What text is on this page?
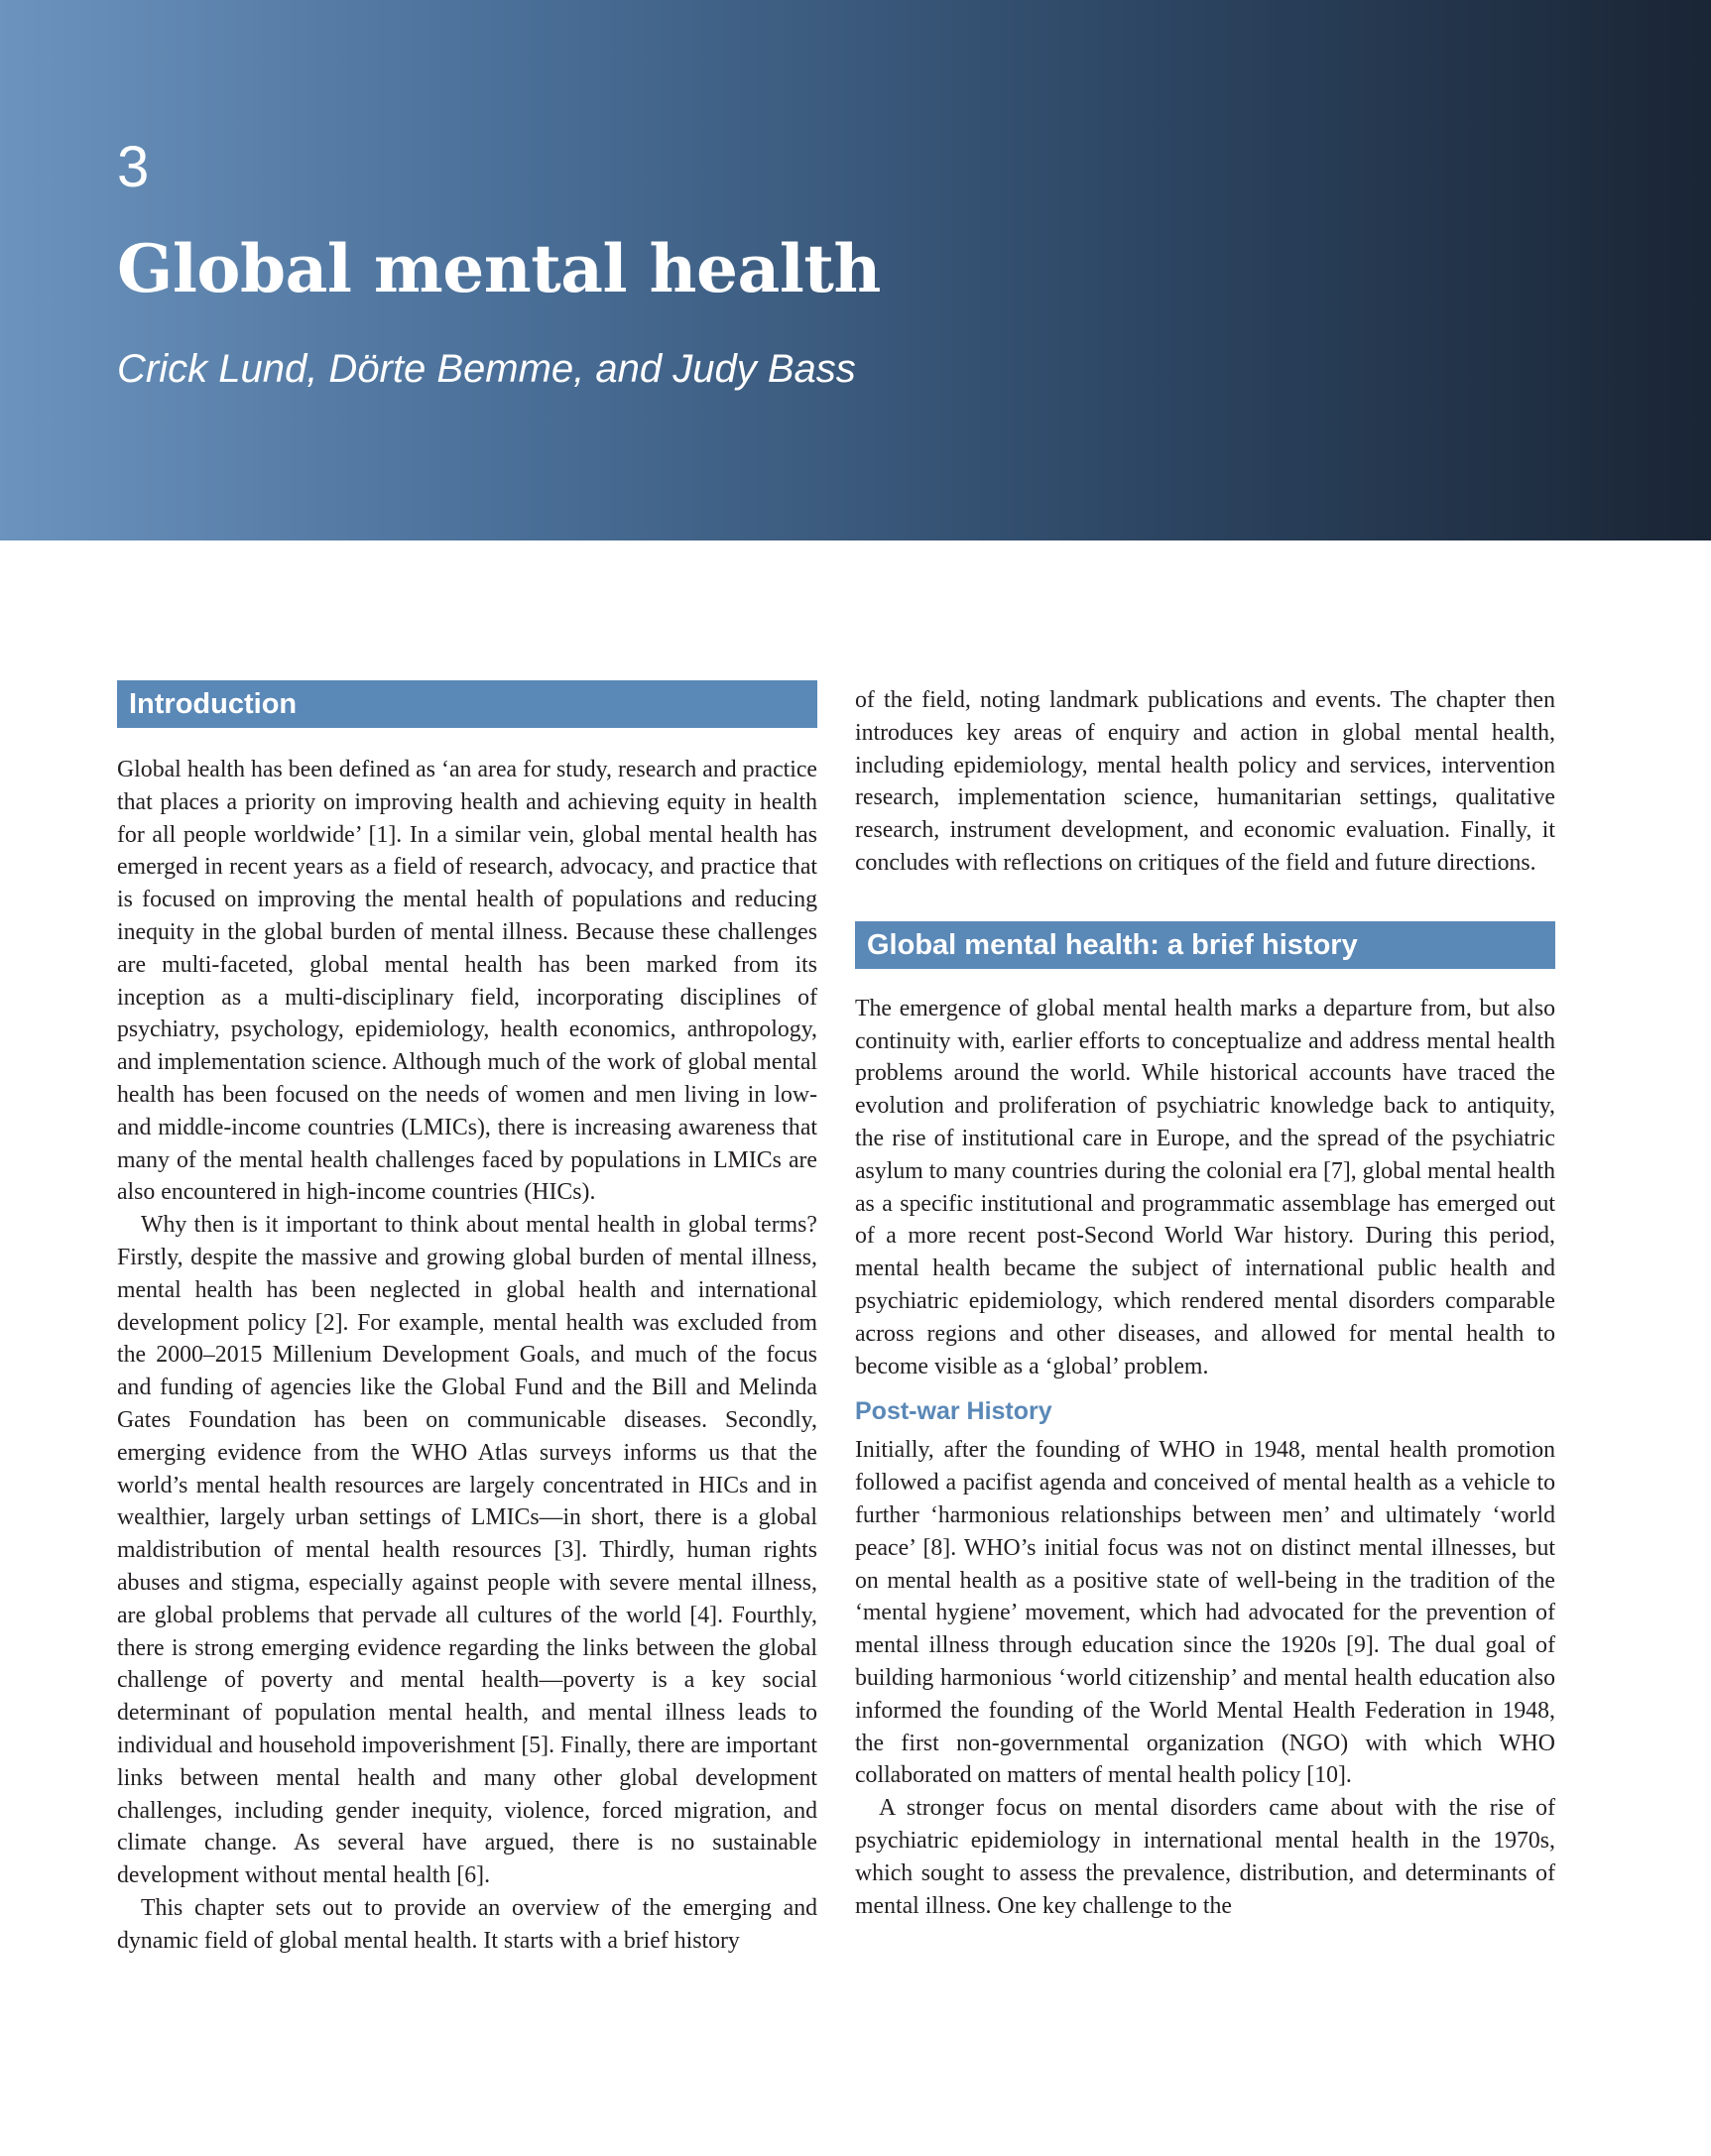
3
Global mental health
Crick Lund, Dörte Bemme, and Judy Bass
Introduction

Global health has been defined as ‘an area for study, research and practice that places a priority on improving health and achieving equity in health for all people worldwide’ [1]. In a similar vein, global mental health has emerged in recent years as a field of research, advocacy, and practice that is focused on improving the mental health of populations and reducing inequity in the global burden of mental illness. Because these challenges are multi-faceted, global mental health has been marked from its inception as a multi-disciplinary field, incorporating disciplines of psychiatry, psychology, epidemiology, health economics, anthropology, and implementation science. Although much of the work of global mental health has been focused on the needs of women and men living in low- and middle-income countries (LMICs), there is increasing awareness that many of the mental health challenges faced by populations in LMICs are also encountered in high-income countries (HICs).

Why then is it important to think about mental health in global terms? Firstly, despite the massive and growing global burden of mental illness, mental health has been neglected in global health and international development policy [2]. For example, mental health was excluded from the 2000–2015 Millenium Development Goals, and much of the focus and funding of agencies like the Global Fund and the Bill and Melinda Gates Foundation has been on communicable diseases. Secondly, emerging evidence from the WHO Atlas surveys informs us that the world’s mental health resources are largely concentrated in HICs and in wealthier, largely urban settings of LMICs—in short, there is a global maldistribution of mental health resources [3]. Thirdly, human rights abuses and stigma, especially against people with severe mental illness, are global problems that pervade all cultures of the world [4]. Fourthly, there is strong emerging evidence regarding the links between the global challenge of poverty and mental health—poverty is a key social determinant of population mental health, and mental illness leads to individual and household impoverishment [5]. Finally, there are important links between mental health and many other global development challenges, including gender inequity, violence, forced migration, and climate change. As several have argued, there is no sustainable development without mental health [6].

This chapter sets out to provide an overview of the emerging and dynamic field of global mental health. It starts with a brief history

of the field, noting landmark publications and events. The chapter then introduces key areas of enquiry and action in global mental health, including epidemiology, mental health policy and services, intervention research, implementation science, humanitarian settings, qualitative research, instrument development, and economic evaluation. Finally, it concludes with reflections on critiques of the field and future directions.

Global mental health: a brief history

The emergence of global mental health marks a departure from, but also continuity with, earlier efforts to conceptualize and address mental health problems around the world. While historical accounts have traced the evolution and proliferation of psychiatric knowledge back to antiquity, the rise of institutional care in Europe, and the spread of the psychiatric asylum to many countries during the colonial era [7], global mental health as a specific institutional and programmatic assemblage has emerged out of a more recent post-Second World War history. During this period, mental health became the subject of international public health and psychiatric epidemiology, which rendered mental disorders comparable across regions and other diseases, and allowed for mental health to become visible as a ‘global’ problem.

Post-war History

Initially, after the founding of WHO in 1948, mental health promotion followed a pacifist agenda and conceived of mental health as a vehicle to further ‘harmonious relationships between men’ and ultimately ‘world peace’ [8]. WHO’s initial focus was not on distinct mental illnesses, but on mental health as a positive state of well-being in the tradition of the ‘mental hygiene’ movement, which had advocated for the prevention of mental illness through education since the 1920s [9]. The dual goal of building harmonious ‘world citizenship’ and mental health education also informed the founding of the World Mental Health Federation in 1948, the first non-governmental organization (NGO) with which WHO collaborated on matters of mental health policy [10].

A stronger focus on mental disorders came about with the rise of psychiatric epidemiology in international mental health in the 1970s, which sought to assess the prevalence, distribution, and determinants of mental illness. One key challenge to the
